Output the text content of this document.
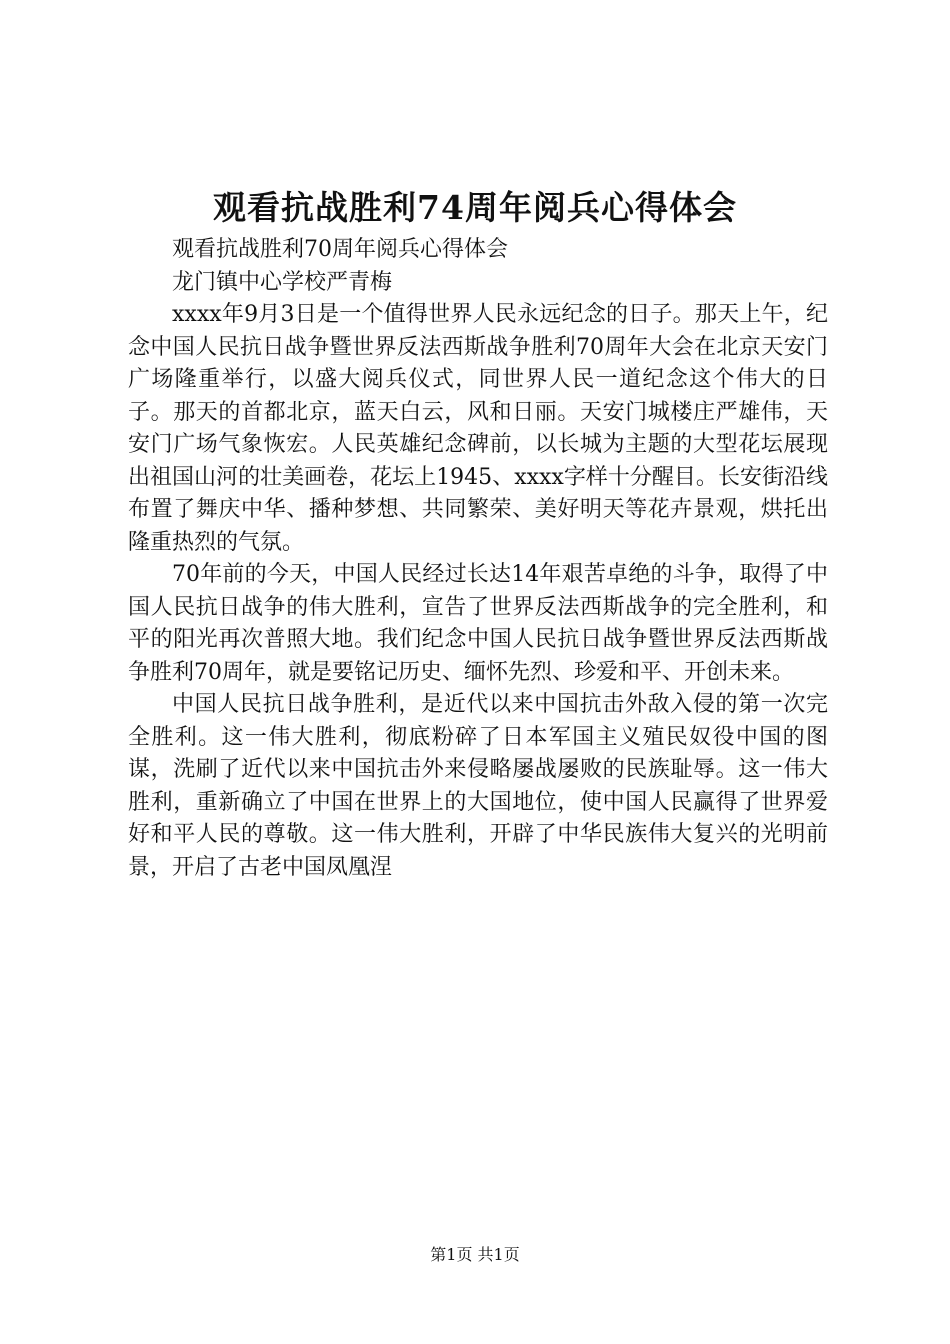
观看抗战胜利74周年阅兵心得体会

观看抗战胜利70周年阅兵心得体会

龙门镇中心学校严青梅

xxxx年9月3日是一个值得世界人民永远纪念的日子。那天上午，纪念中国人民抗日战争暨世界反法西斯战争胜利70周年大会在北京天安门广场隆重举行，以盛大阅兵仪式，同世界人民一道纪念这个伟大的日子。那天的首都北京，蓝天白云，风和日丽。天安门城楼庄严雄伟，天安门广场气象恢宏。人民英雄纪念碑前，以长城为主题的大型花坛展现出祖国山河的壮美画卷，花坛上1945、xxxx字样十分醒目。长安街沿线布置了舞庆中华、播种梦想、共同繁荣、美好明天等花卉景观，烘托出隆重热烈的气氛。

70年前的今天，中国人民经过长达14年艰苦卓绝的斗争，取得了中国人民抗日战争的伟大胜利，宣告了世界反法西斯战争的完全胜利，和平的阳光再次普照大地。我们纪念中国人民抗日战争暨世界反法西斯战争胜利70周年，就是要铭记历史、缅怀先烈、珍爱和平、开创未来。

中国人民抗日战争胜利，是近代以来中国抗击外敌入侵的第一次完全胜利。这一伟大胜利，彻底粉碎了日本军国主义殖民奴役中国的图谋，洗刷了近代以来中国抗击外来侵略屡战屡败的民族耻辱。这一伟大胜利，重新确立了中国在世界上的大国地位，使中国人民赢得了世界爱好和平人民的尊敬。这一伟大胜利，开辟了中华民族伟大复兴的光明前景，开启了古老中国凤凰涅

第1页 共1页
